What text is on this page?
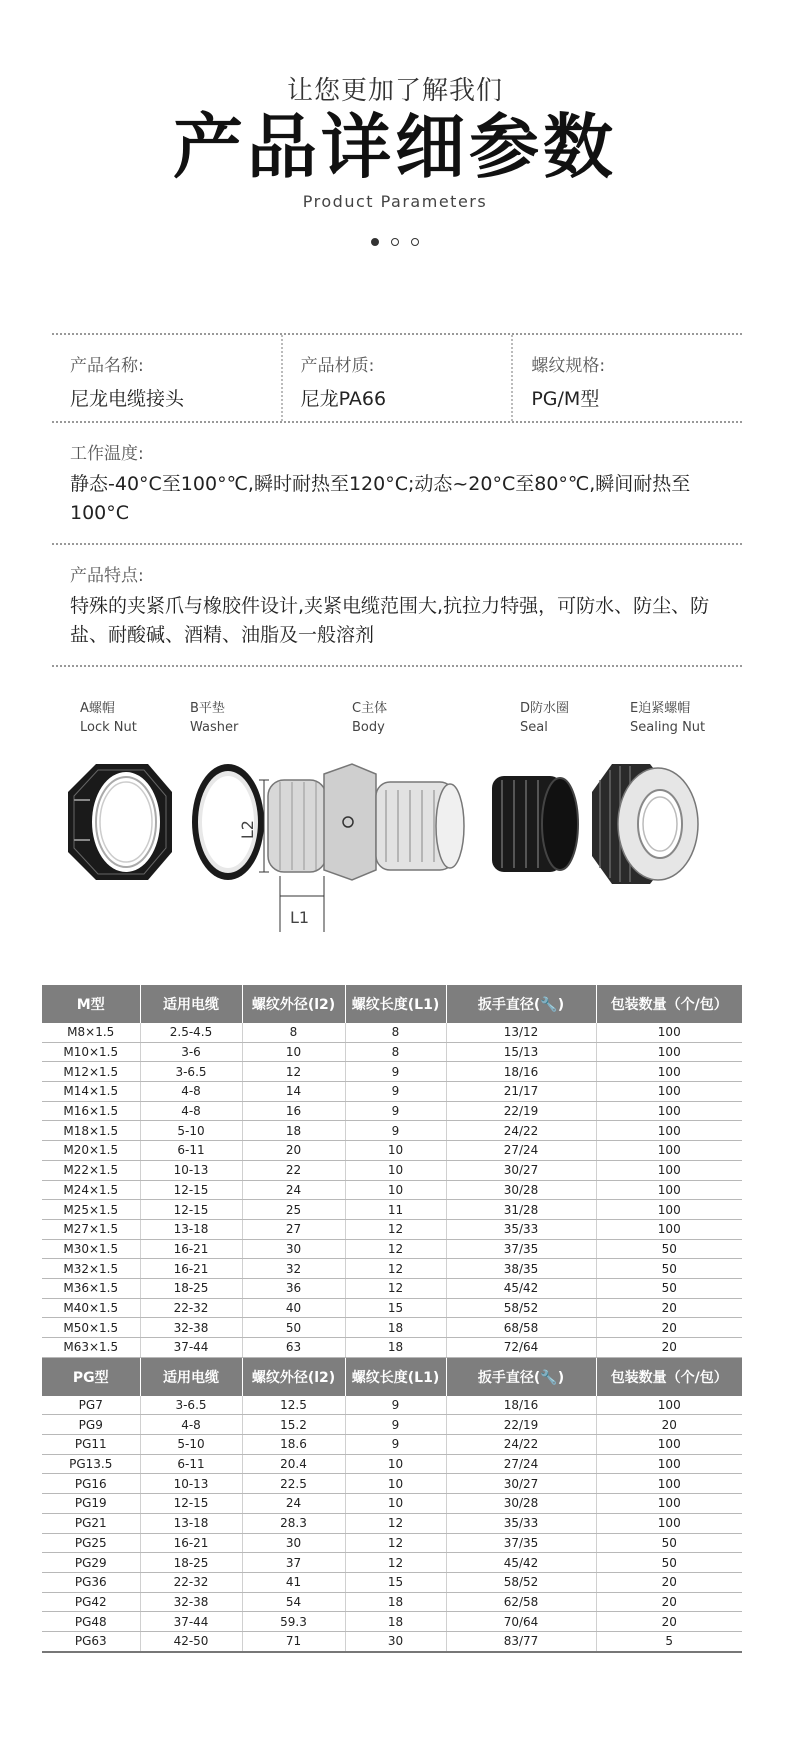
让您更加了解我们
产品详细参数
Product Parameters
产品名称:
尼龙电缆接头
产品材质:
尼龙PA66
螺纹规格:
PG/M型
工作温度:
静态-40°C至100°℃,瞬时耐热至120°C;动态~20°C至80°℃,瞬间耐热至100°C
产品特点:
特殊的夹紧爪与橡胶件设计,夹紧电缆范围大,抗拉力特强，可防水、防尘、防盐、耐酸碱、酒精、油脂及一般溶剂
A螺帽
Lock Nut
B平垫
Washer
C主体
Body
D防水圈
Seal
E迫紧螺帽
Sealing Nut
L2
L1
M型	适用电缆	螺纹外径(l2)	螺纹长度(L1)	扳手直径(🔧)	包装数量（个/包）
M8×1.5	2.5-4.5	8	8	13/12	100
M10×1.5	3-6	10	8	15/13	100
M12×1.5	3-6.5	12	9	18/16	100
M14×1.5	4-8	14	9	21/17	100
M16×1.5	4-8	16	9	22/19	100
M18×1.5	5-10	18	9	24/22	100
M20×1.5	6-11	20	10	27/24	100
M22×1.5	10-13	22	10	30/27	100
M24×1.5	12-15	24	10	30/28	100
M25×1.5	12-15	25	11	31/28	100
M27×1.5	13-18	27	12	35/33	100
M30×1.5	16-21	30	12	37/35	50
M32×1.5	16-21	32	12	38/35	50
M36×1.5	18-25	36	12	45/42	50
M40×1.5	22-32	40	15	58/52	20
M50×1.5	32-38	50	18	68/58	20
M63×1.5	37-44	63	18	72/64	20
PG型	适用电缆	螺纹外径(l2)	螺纹长度(L1)	扳手直径(🔧)	包装数量（个/包）
PG7	3-6.5	12.5	9	18/16	100
PG9	4-8	15.2	9	22/19	20
PG11	5-10	18.6	9	24/22	100
PG13.5	6-11	20.4	10	27/24	100
PG16	10-13	22.5	10	30/27	100
PG19	12-15	24	10	30/28	100
PG21	13-18	28.3	12	35/33	100
PG25	16-21	30	12	37/35	50
PG29	18-25	37	12	45/42	50
PG36	22-32	41	15	58/52	20
PG42	32-38	54	18	62/58	20
PG48	37-44	59.3	18	70/64	20
PG63	42-50	71	30	83/77	5
